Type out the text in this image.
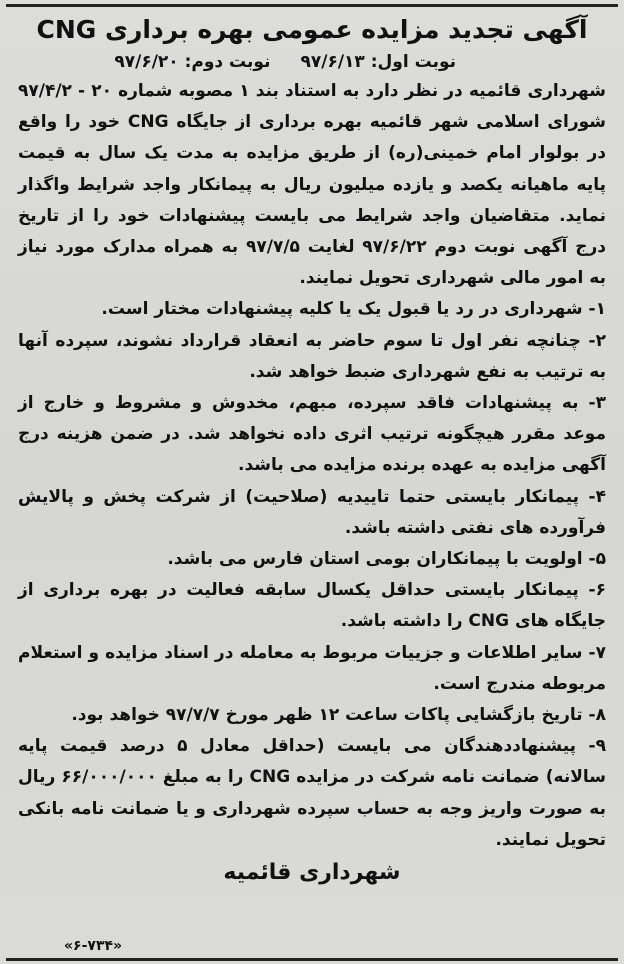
آگهی تجدید مزایده عمومی بهره برداری CNG
نوبت اول: ۹۷/۶/۱۳
نوبت دوم: ۹۷/۶/۲۰

شهرداری قائمیه در نظر دارد به استناد بند ۱ مصوبه شماره ۲۰ - ۹۷/۴/۲ شورای اسلامی شهر قائمیه بهره برداری از جایگاه CNG خود را واقع در بولوار امام خمینی(ره) از طریق مزایده به مدت یک سال به قیمت پایه ماهیانه یکصد و یازده میلیون ریال به پیمانکار واجد شرایط واگذار نماید. متقاضیان واجد شرایط می بایست پیشنهادات خود را از تاریخ درج آگهی نوبت دوم ۹۷/۶/۲۲ لغایت ۹۷/۷/۵ به همراه مدارک مورد نیاز به امور مالی شهرداری تحویل نمایند.

۱- شهرداری در رد یا قبول یک یا کلیه پیشنهادات مختار است.

۲- چنانچه نفر اول تا سوم حاضر به انعقاد قرارداد نشوند، سپرده آنها به ترتیب به نفع شهرداری ضبط خواهد شد.

۳- به پیشنهادات فاقد سپرده، مبهم، مخدوش و مشروط و خارج از موعد مقرر هیچگونه ترتیب اثری داده نخواهد شد. در ضمن هزینه درج آگهی مزایده به عهده برنده مزایده می باشد.

۴- پیمانکار بایستی حتما تاییدیه (صلاحیت) از شرکت پخش و پالایش فرآورده های نفتی داشته باشد.

۵- اولویت با پیمانکاران بومی استان فارس می باشد.

۶- پیمانکار بایستی حداقل یکسال سابقه فعالیت در بهره برداری از جایگاه های CNG را داشته باشد.

۷- سایر اطلاعات و جزییات مربوط به معامله در اسناد مزایده و استعلام مربوطه مندرج است.

۸- تاریخ بازگشایی پاکات ساعت ۱۲ ظهر مورخ ۹۷/۷/۷ خواهد بود.

۹- پیشنهاددهندگان می بایست (حداقل معادل ۵ درصد قیمت پایه سالانه) ضمانت نامه شرکت در مزایده CNG را به مبلغ ۶۶/۰۰۰/۰۰۰ ریال به صورت واریز وجه به حساب سپرده شهرداری و یا ضمانت نامه بانکی تحویل نمایند.

شهرداری قائمیه
«۶-۷۳۴»
